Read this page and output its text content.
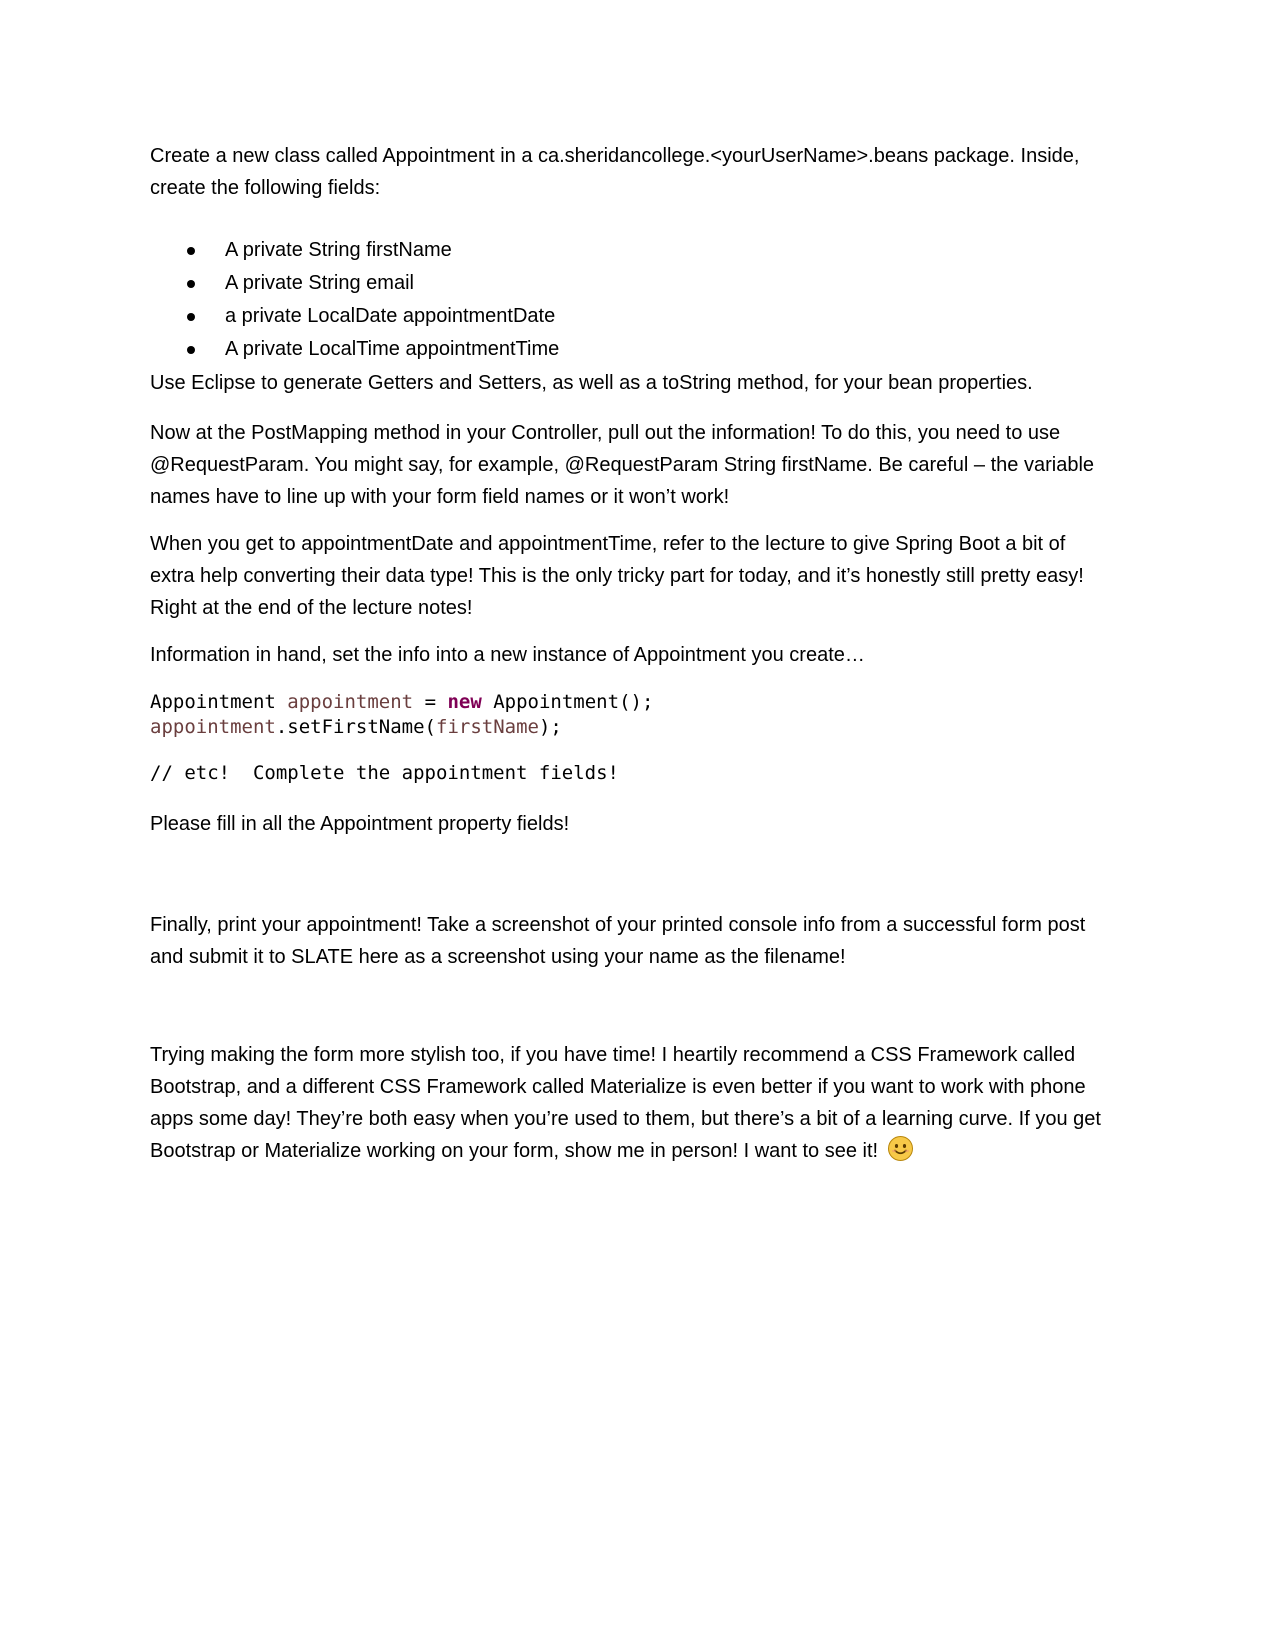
Create a new class called Appointment in a ca.sheridancollege.<yourUserName>.beans package. Inside,
create the following fields:

A private String firstName
A private String email
a private LocalDate appointmentDate
A private LocalTime appointmentTime

Use Eclipse to generate Getters and Setters, as well as a toString method, for your bean properties.

Now at the PostMapping method in your Controller, pull out the information! To do this, you need to use
@RequestParam. You might say, for example, @RequestParam String firstName. Be careful – the variable
names have to line up with your form field names or it won’t work!

When you get to appointmentDate and appointmentTime, refer to the lecture to give Spring Boot a bit of
extra help converting their data type! This is the only tricky part for today, and it’s honestly still pretty easy!
Right at the end of the lecture notes!

Information in hand, set the info into a new instance of Appointment you create…

Appointment appointment = new Appointment();
appointment.setFirstName(firstName);
// etc!  Complete the appointment fields!

Please fill in all the Appointment property fields!

Finally, print your appointment! Take a screenshot of your printed console info from a successful form post
and submit it to SLATE here as a screenshot using your name as the filename!

Trying making the form more stylish too, if you have time! I heartily recommend a CSS Framework called
Bootstrap, and a different CSS Framework called Materialize is even better if you want to work with phone
apps some day! They’re both easy when you’re used to them, but there’s a bit of a learning curve. If you get
Bootstrap or Materialize working on your form, show me in person! I want to see it!
